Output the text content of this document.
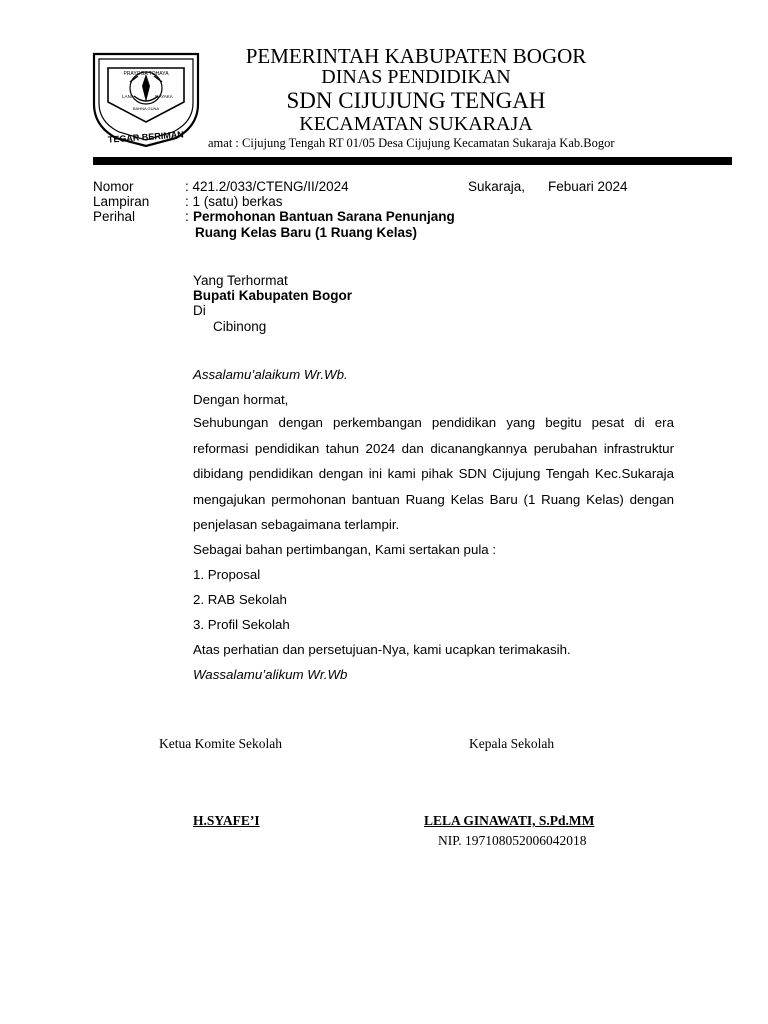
TEGAR BERIMAN
PRAYOGA TOHAYA
NAYAKA
LANA
BAHNA GUNA
PEMERINTAH KABUPATEN BOGOR
DINAS PENDIDIKAN
SDN CIJUJUNG TENGAH
KECAMATAN SUKARAJA
amat : Cijujung Tengah RT 01/05 Desa Cijujung Kecamatan Sukaraja Kab.Bogor
Nomor	: 421.2/033/CTENG/II/2024	Sukaraja, Febuari 2024
Lampiran	: 1 (satu) berkas
Perihal	: Permohonan Bantuan Sarana Penunjang
Ruang Kelas Baru (1 Ruang Kelas)
Yang Terhormat
Bupati Kabupaten Bogor
Di
Cibinong
Assalamu’alaikum Wr.Wb.
Dengan hormat,
Sehubungan dengan perkembangan pendidikan yang begitu pesat di era reformasi pendidikan tahun 2024 dan dicanangkannya perubahan infrastruktur dibidang pendidikan dengan ini kami pihak SDN Cijujung Tengah Kec.Sukaraja mengajukan permohonan bantuan Ruang Kelas Baru (1 Ruang Kelas) dengan penjelasan sebagaimana terlampir.
Sebagai bahan pertimbangan, Kami sertakan pula :
1. Proposal
2. RAB Sekolah
3. Profil Sekolah
Atas perhatian dan persetujuan-Nya, kami ucapkan terimakasih.
Wassalamu’alikum Wr.Wb
Ketua Komite Sekolah	Kepala Sekolah
H.SYAFE’I	LELA GINAWATI, S.Pd.MM
NIP. 197108052006042018
